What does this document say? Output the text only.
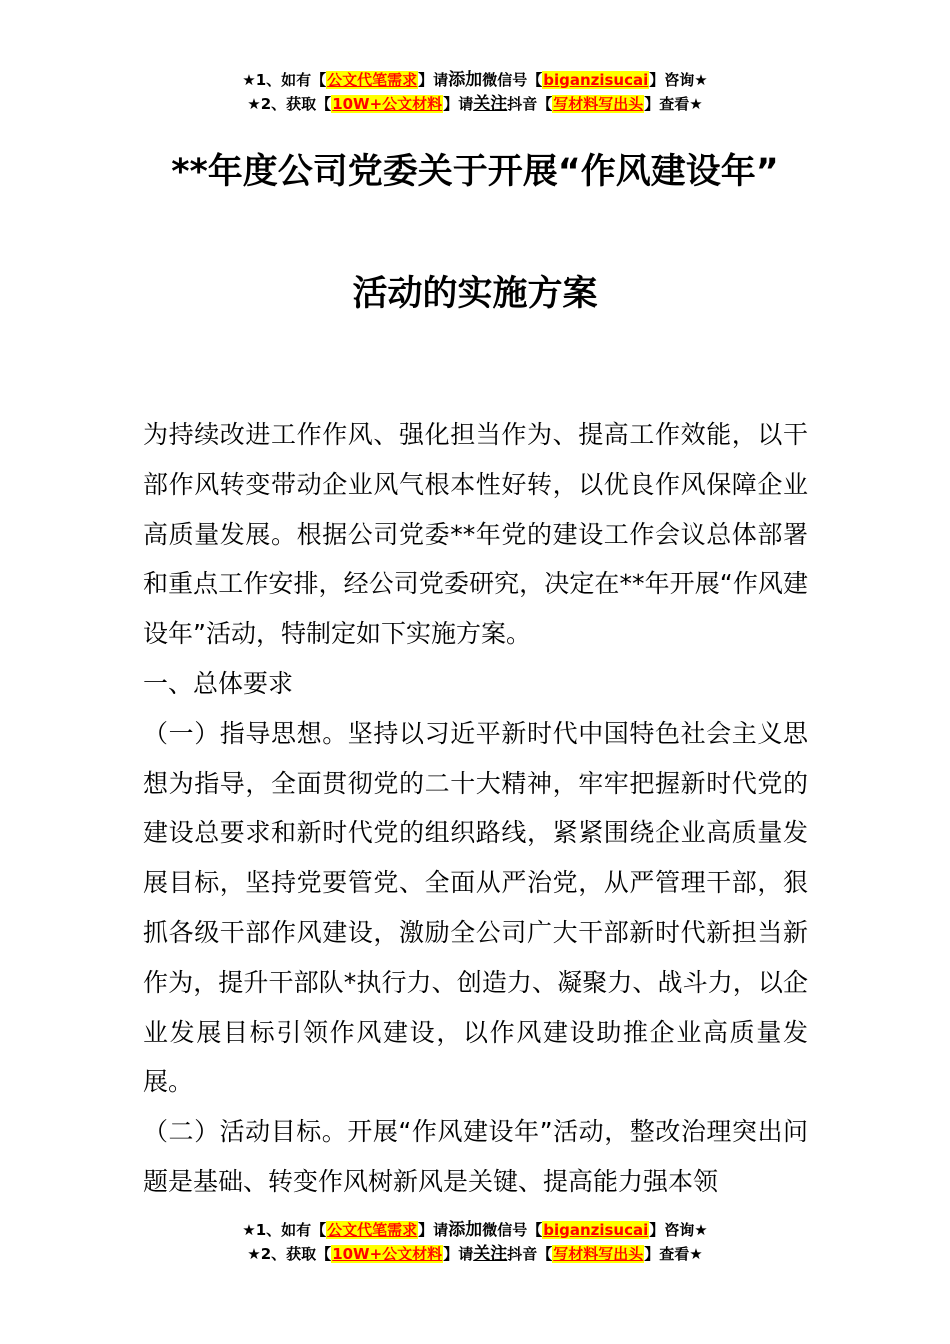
★1、如有【公文代笔需求】请添加微信号【biganzisucai】咨询★
★2、获取【10W+公文材料】请关注抖音【写材料写出头】查看★
**年度公司党委关于开展“作风建设年”
活动的实施方案

为持续改进工作作风、强化担当作为、提高工作效能，以干部作风转变带动企业风气根本性好转，以优良作风保障企业高质量发展。根据公司党委**年党的建设工作会议总体部署和重点工作安排，经公司党委研究，决定在**年开展“作风建设年”活动，特制定如下实施方案。

一、总体要求

（一）指导思想。坚持以习近平新时代中国特色社会主义思想为指导，全面贯彻党的二十大精神，牢牢把握新时代党的建设总要求和新时代党的组织路线，紧紧围绕企业高质量发展目标，坚持党要管党、全面从严治党，从严管理干部，狠抓各级干部作风建设，激励全公司广大干部新时代新担当新作为，提升干部队*执行力、创造力、凝聚力、战斗力，以企业发展目标引领作风建设，以作风建设助推企业高质量发展。

（二）活动目标。开展“作风建设年”活动，整改治理突出问题是基础、转变作风树新风是关键、提高能力强本领

★1、如有【公文代笔需求】请添加微信号【biganzisucai】咨询★
★2、获取【10W+公文材料】请关注抖音【写材料写出头】查看★
